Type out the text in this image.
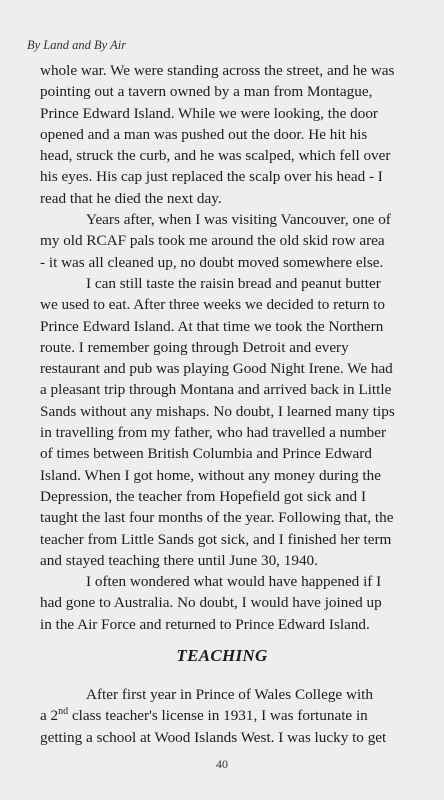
By Land and By Air
whole war. We were standing across the street, and he was
pointing out a tavern owned by a man from Montague,
Prince Edward Island. While we were looking, the door
opened and a man was pushed out the door. He hit his
head, struck the curb, and he was scalped, which fell over
his eyes. His cap just replaced the scalp over his head - I
read that he died the next day.
Years after, when I was visiting Vancouver, one of
my old RCAF pals took me around the old skid row area
- it was all cleaned up, no doubt moved somewhere else.
I can still taste the raisin bread and peanut butter
we used to eat. After three weeks we decided to return to
Prince Edward Island. At that time we took the Northern
route. I remember going through Detroit and every
restaurant and pub was playing Good Night Irene. We had
a pleasant trip through Montana and arrived back in Little
Sands without any mishaps. No doubt, I learned many tips
in travelling from my father, who had travelled a number
of times between British Columbia and Prince Edward
Island. When I got home, without any money during the
Depression, the teacher from Hopefield got sick and I
taught the last four months of the year. Following that, the
teacher from Little Sands got sick, and I finished her term
and stayed teaching there until June 30, 1940.
I often wondered what would have happened if I
had gone to Australia. No doubt, I would have joined up
in the Air Force and returned to Prince Edward Island.
TEACHING
After first year in Prince of Wales College with
a 2nd class teacher's license in 1931, I was fortunate in
getting a school at Wood Islands West. I was lucky to get
40
